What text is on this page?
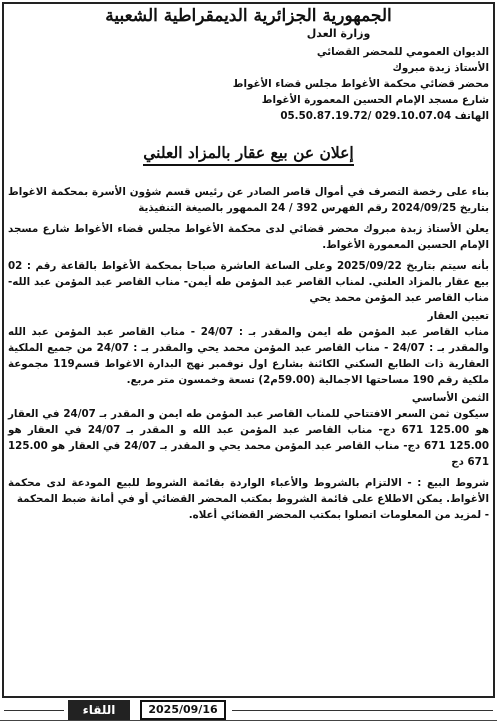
الجمهورية الجزائرية الديمقراطية الشعبية
وزارة العدل

الديوان العمومي للمحضر القضائي

الأستاذ زبدة مبروك

محضر قضائي محكمة الأغواط مجلس قضاء الأغواط

شارع مسجد الإمام الحسين المعمورة الأغواط

الهاتف 05.50.87.19.72/ 029.10.07.04
إعلان عن بيع عقار بالمزاد العلني

بناء على رخصة التصرف في أموال قاصر الصادر عن رئيس قسم شؤون الأسرة بمحكمة الاغواط بتاريخ 2024/09/25 رقم الفهرس 392 / 24 الممهور بالصيغة التنفيذية

يعلن الأستاذ زبدة مبروك محضر قضائي لدى محكمة الأغواط مجلس قضاء الأغواط شارع مسجد الإمام الحسين المعمورة الأغواط.

بأنه سيتم بتاريخ 2025/09/22 وعلى الساعة العاشرة صباحا بمحكمة الأغواط بالقاعة رقم : 02 بيع عقار بالمزاد العلني. لمناب القاصر عبد المؤمن طه أيمن- مناب القاصر عبد المؤمن عبد الله- مناب القاصر عبد المؤمن محمد يحي

تعيين العقار

مناب القاصر عبد المؤمن طه ايمن والمقدر بـ : 24/07 - مناب القاصر عبد المؤمن عبد الله والمقدر بـ : 24/07 - مناب القاصر عبد المؤمن محمد يحي والمقدر بـ : 24/07 من جميع الملكية العقارية ذات الطابع السكني الكائنة بشارع اول نوفمبر نهج البدارة الاغواط قسم119 مجموعة ملكية رقم 190 مساحتها الاجمالية (59.00م2) تسعة وخمسون متر مربع.

الثمن الأساسي

سيكون ثمن السعر الافتتاحي للمناب القاصر عبد المؤمن طه ايمن و المقدر بـ 24/07 في العقار هو 125.00 671 دج- مناب القاصر عبد المؤمن عبد الله و المقدر بـ 24/07 في العقار هو 125.00 671 دج- مناب القاصر عبد المؤمن محمد يحي و المقدر بـ 24/07 في العقار هو 125.00 671 دج

شروط البيع : - الالتزام بالشروط والأعباء الواردة بقائمة الشروط للبيع المودعة لدى محكمة الأغواط. يمكن الاطلاع على قائمة الشروط بمكتب المحضر القضائي أو في أمانة ضبط المحكمة

- لمزيد من المعلومات اتصلوا بمكتب المحضر القضائي أعلاه.

اللقاء	2025/09/16
